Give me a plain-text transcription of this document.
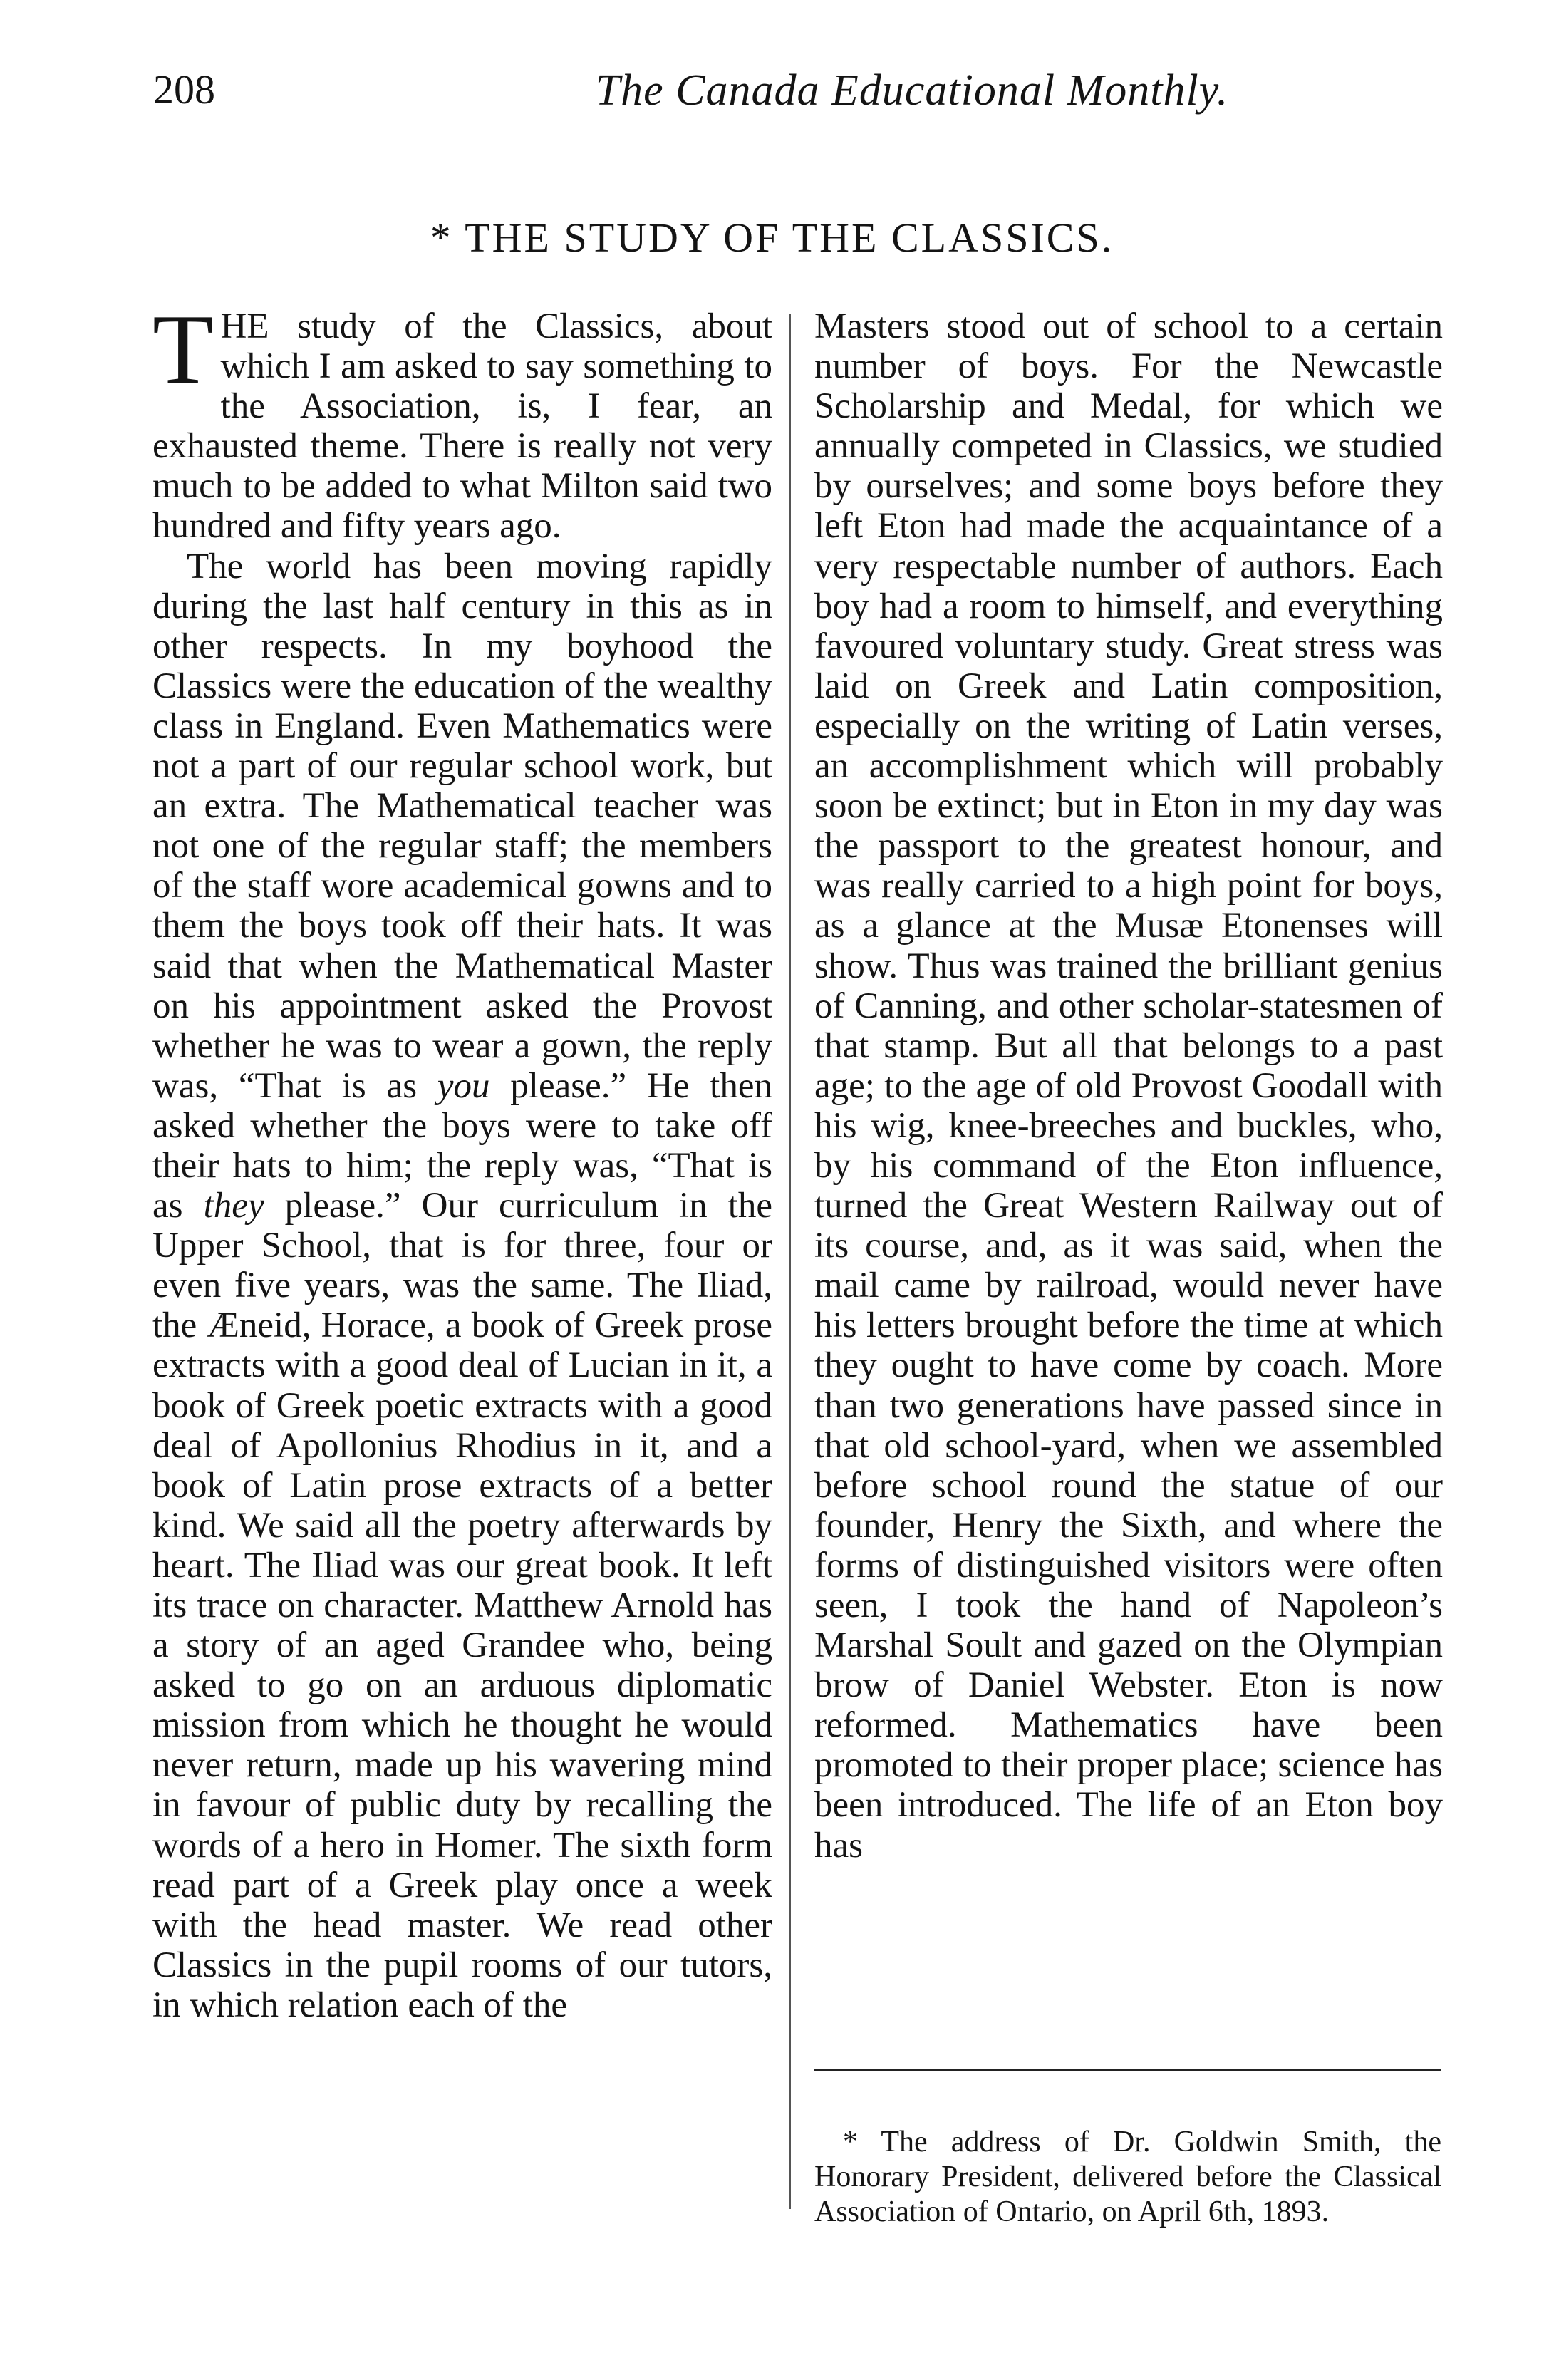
208	The Canada Educational Monthly.
* THE STUDY OF THE CLASSICS.

THE study of the Classics, about which I am asked to say something to the Association, is, I fear, an exhausted theme. There is really not very much to be added to what Milton said two hundred and fifty years ago.

The world has been moving rapidly during the last half century in this as in other respects. In my boyhood the Classics were the education of the wealthy class in England. Even Mathematics were not a part of our regular school work, but an extra. The Mathematical teacher was not one of the regular staff; the members of the staff wore academical gowns and to them the boys took off their hats. It was said that when the Mathematical Master on his appointment asked the Provost whether he was to wear a gown, the reply was, “That is as you please.” He then asked whether the boys were to take off their hats to him; the reply was, “That is as they please.” Our curriculum in the Upper School, that is for three, four or even five years, was the same. The Iliad, the Æneid, Horace, a book of Greek prose extracts with a good deal of Lucian in it, a book of Greek poetic extracts with a good deal of Apollonius Rhodius in it, and a book of Latin prose extracts of a better kind. We said all the poetry afterwards by heart. The Iliad was our great book. It left its trace on character. Matthew Arnold has a story of an aged Grandee who, being asked to go on an arduous diplomatic mission from which he thought he would never return, made up his wavering mind in favour of public duty by recalling the words of a hero in Homer. The sixth form read part of a Greek play once a week with the head master. We read other Classics in the pupil rooms of our tutors, in which relation each of the

Masters stood out of school to a certain number of boys. For the Newcastle Scholarship and Medal, for which we annually competed in Classics, we studied by ourselves; and some boys before they left Eton had made the acquaintance of a very respectable number of authors. Each boy had a room to himself, and everything favoured voluntary study. Great stress was laid on Greek and Latin composition, especially on the writing of Latin verses, an accomplishment which will probably soon be extinct; but in Eton in my day was the passport to the greatest honour, and was really carried to a high point for boys, as a glance at the Musæ Etonenses will show. Thus was trained the brilliant genius of Canning, and other scholar-statesmen of that stamp. But all that belongs to a past age; to the age of old Provost Goodall with his wig, knee-breeches and buckles, who, by his command of the Eton influence, turned the Great Western Railway out of its course, and, as it was said, when the mail came by railroad, would never have his letters brought before the time at which they ought to have come by coach. More than two generations have passed since in that old school-yard, when we assembled before school round the statue of our founder, Henry the Sixth, and where the forms of distinguished visitors were often seen, I took the hand of Napoleon’s Marshal Soult and gazed on the Olympian brow of Daniel Webster. Eton is now reformed. Mathematics have been promoted to their proper place; science has been introduced. The life of an Eton boy has

* The address of Dr. Goldwin Smith, the Honorary President, delivered before the Classical Association of Ontario, on April 6th, 1893.
